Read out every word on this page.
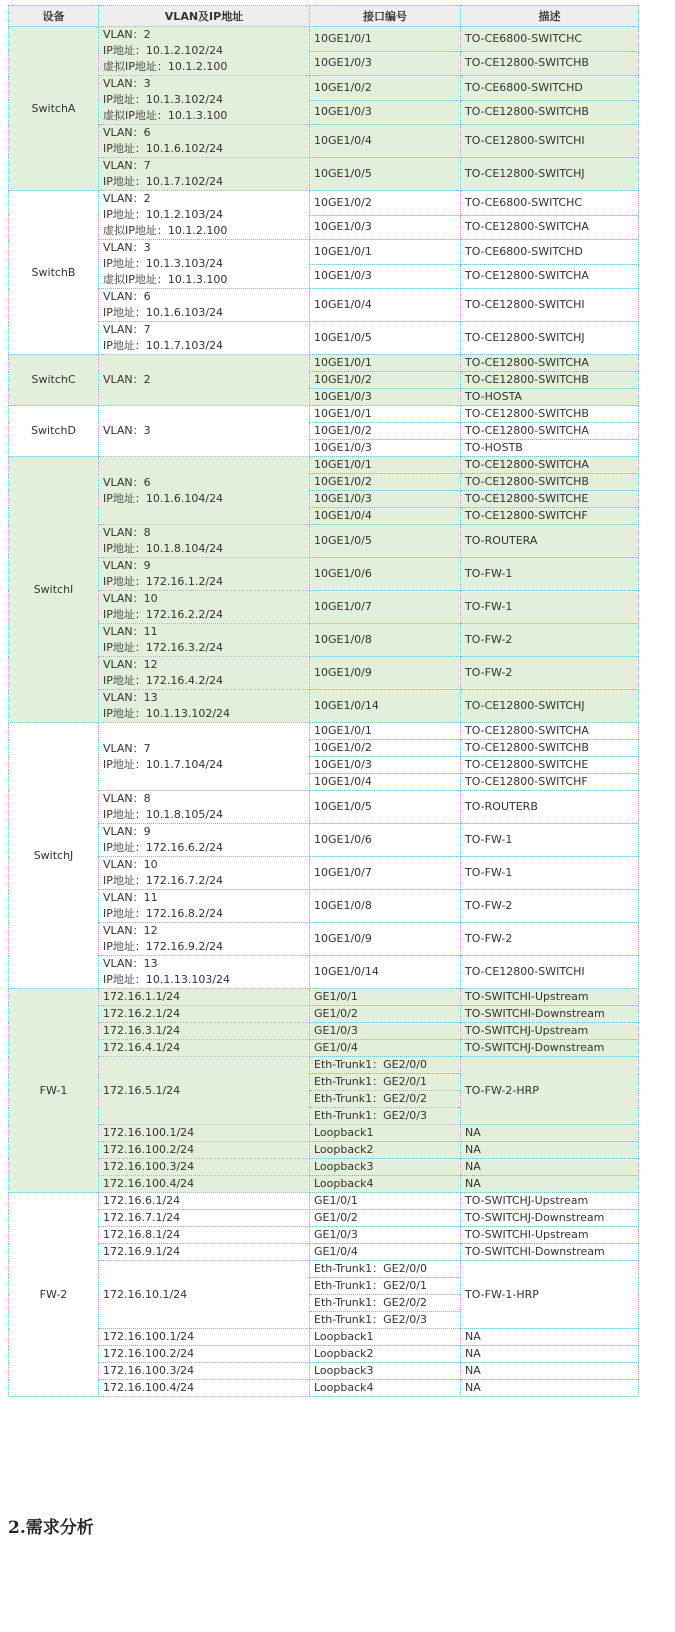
设备	VLAN及IP地址	接口编号	描述
SwitchA	VLAN：2
IP地址：10.1.2.102/24
虚拟IP地址：10.1.2.100	10GE1/0/1	TO-CE6800-SWITCHC
		10GE1/0/3	TO-CE12800-SWITCHB

	VLAN：3
IP地址：10.1.3.102/24
虚拟IP地址：10.1.3.100	10GE1/0/2	TO-CE6800-SWITCHD
		10GE1/0/3	TO-CE12800-SWITCHB

	VLAN：6
IP地址：10.1.6.102/24	10GE1/0/4	TO-CE12800-SWITCHI

	VLAN：7
IP地址：10.1.7.102/24	10GE1/0/5	TO-CE12800-SWITCHJ
SwitchB	VLAN：2
IP地址：10.1.2.103/24
虚拟IP地址：10.1.2.100	10GE1/0/2	TO-CE6800-SWITCHC
		10GE1/0/3	TO-CE12800-SWITCHA

	VLAN：3
IP地址：10.1.3.103/24
虚拟IP地址：10.1.3.100	10GE1/0/1	TO-CE6800-SWITCHD
		10GE1/0/3	TO-CE12800-SWITCHA

	VLAN：6
IP地址：10.1.6.103/24	10GE1/0/4	TO-CE12800-SWITCHI

	VLAN：7
IP地址：10.1.7.103/24	10GE1/0/5	TO-CE12800-SWITCHJ
SwitchC	VLAN：2	10GE1/0/1	TO-CE12800-SWITCHA
		10GE1/0/2	TO-CE12800-SWITCHB
		10GE1/0/3	TO-HOSTA
SwitchD	VLAN：3	10GE1/0/1	TO-CE12800-SWITCHB
		10GE1/0/2	TO-CE12800-SWITCHA
		10GE1/0/3	TO-HOSTB
SwitchI	VLAN：6
IP地址：10.1.6.104/24	10GE1/0/1	TO-CE12800-SWITCHA
		10GE1/0/2	TO-CE12800-SWITCHB
		10GE1/0/3	TO-CE12800-SWITCHE
		10GE1/0/4	TO-CE12800-SWITCHF

	VLAN：8
IP地址：10.1.8.104/24	10GE1/0/5	TO-ROUTERA

	VLAN：9
IP地址：172.16.1.2/24	10GE1/0/6	TO-FW-1

	VLAN：10
IP地址：172.16.2.2/24	10GE1/0/7	TO-FW-1

	VLAN：11
IP地址：172.16.3.2/24	10GE1/0/8	TO-FW-2

	VLAN：12
IP地址：172.16.4.2/24	10GE1/0/9	TO-FW-2

	VLAN：13
IP地址：10.1.13.102/24	10GE1/0/14	TO-CE12800-SWITCHJ
SwitchJ	VLAN：7
IP地址：10.1.7.104/24	10GE1/0/1	TO-CE12800-SWITCHA
		10GE1/0/2	TO-CE12800-SWITCHB
		10GE1/0/3	TO-CE12800-SWITCHE
		10GE1/0/4	TO-CE12800-SWITCHF

	VLAN：8
IP地址：10.1.8.105/24	10GE1/0/5	TO-ROUTERB

	VLAN：9
IP地址：172.16.6.2/24	10GE1/0/6	TO-FW-1

	VLAN：10
IP地址：172.16.7.2/24	10GE1/0/7	TO-FW-1

	VLAN：11
IP地址：172.16.8.2/24	10GE1/0/8	TO-FW-2

	VLAN：12
IP地址：172.16.9.2/24	10GE1/0/9	TO-FW-2

	VLAN：13
IP地址：10.1.13.103/24	10GE1/0/14	TO-CE12800-SWITCHI
FW-1	172.16.1.1/24	GE1/0/1	TO-SWITCHI-Upstream

	172.16.2.1/24	GE1/0/2	TO-SWITCHI-Downstream

	172.16.3.1/24	GE1/0/3	TO-SWITCHJ-Upstream

	172.16.4.1/24	GE1/0/4	TO-SWITCHJ-Downstream

	172.16.5.1/24	Eth-Trunk1：GE2/0/0	TO-FW-2-HRP
		Eth-Trunk1：GE2/0/1	
		Eth-Trunk1：GE2/0/2	
		Eth-Trunk1：GE2/0/3	

	172.16.100.1/24	Loopback1	NA

	172.16.100.2/24	Loopback2	NA

	172.16.100.3/24	Loopback3	NA

	172.16.100.4/24	Loopback4	NA
FW-2	172.16.6.1/24	GE1/0/1	TO-SWITCHJ-Upstream

	172.16.7.1/24	GE1/0/2	TO-SWITCHJ-Downstream

	172.16.8.1/24	GE1/0/3	TO-SWITCHI-Upstream

	172.16.9.1/24	GE1/0/4	TO-SWITCHI-Downstream

	172.16.10.1/24	Eth-Trunk1：GE2/0/0	TO-FW-1-HRP
		Eth-Trunk1：GE2/0/1	
		Eth-Trunk1：GE2/0/2	
		Eth-Trunk1：GE2/0/3	

	172.16.100.1/24	Loopback1	NA

	172.16.100.2/24	Loopback2	NA

	172.16.100.3/24	Loopback3	NA

	172.16.100.4/24	Loopback4	NA
2.需求分析
